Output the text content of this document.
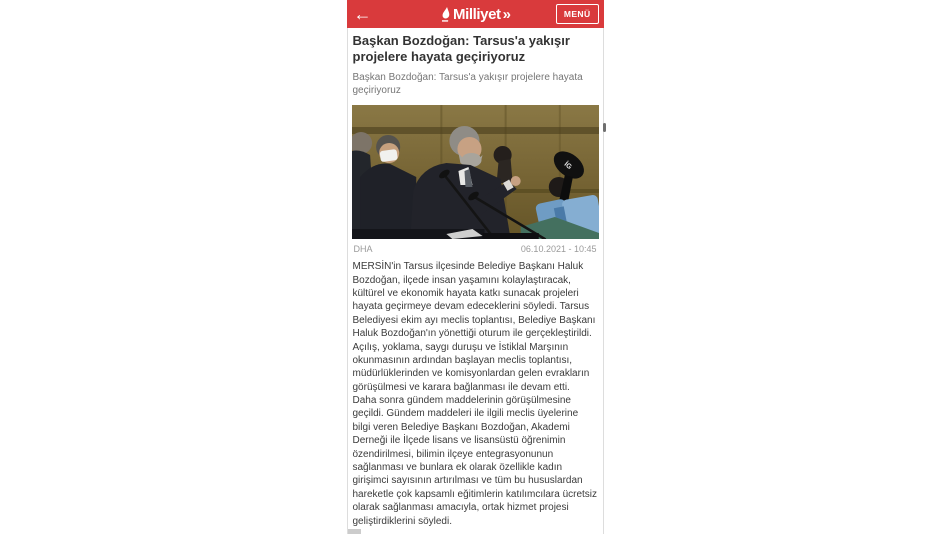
←	Milliyet »	MENÜ
Başkan Bozdoğan: Tarsus'a yakışır projelere hayata geçiriyoruz

Başkan Bozdoğan: Tarsus'a yakışır projelere hayata geçiriyoruz

İG
DHA	06.10.2021 - 10:45

MERSİN'in Tarsus ilçesinde Belediye Başkanı Haluk Bozdoğan, ilçede insan yaşamını kolaylaştıracak, kültürel ve ekonomik hayata katkı sunacak projeleri hayata geçirmeye devam edeceklerini söyledi. Tarsus Belediyesi ekim ayı meclis toplantısı, Belediye Başkanı Haluk Bozdoğan'ın yönettiği oturum ile gerçekleştirildi. Açılış, yoklama, saygı duruşu ve İstiklal Marşının okunmasının ardından başlayan meclis toplantısı, müdürlüklerinden ve komisyonlardan gelen evrakların görüşülmesi ve karara bağlanması ile devam etti.

Daha sonra gündem maddelerinin görüşülmesine geçildi. Gündem maddeleri ile ilgili meclis üyelerine bilgi veren Belediye Başkanı Bozdoğan, Akademi Derneği ile İlçede lisans ve lisansüstü öğrenimin özendirilmesi, bilimin ilçeye entegrasyonunun sağlanması ve bunlara ek olarak özellikle kadın girişimci sayısının artırılması ve tüm bu hususlardan hareketle çok kapsamlı eğitimlerin katılımcılara ücretsiz olarak sağlanması amacıyla, ortak hizmet projesi geliştirdiklerini söyledi.
